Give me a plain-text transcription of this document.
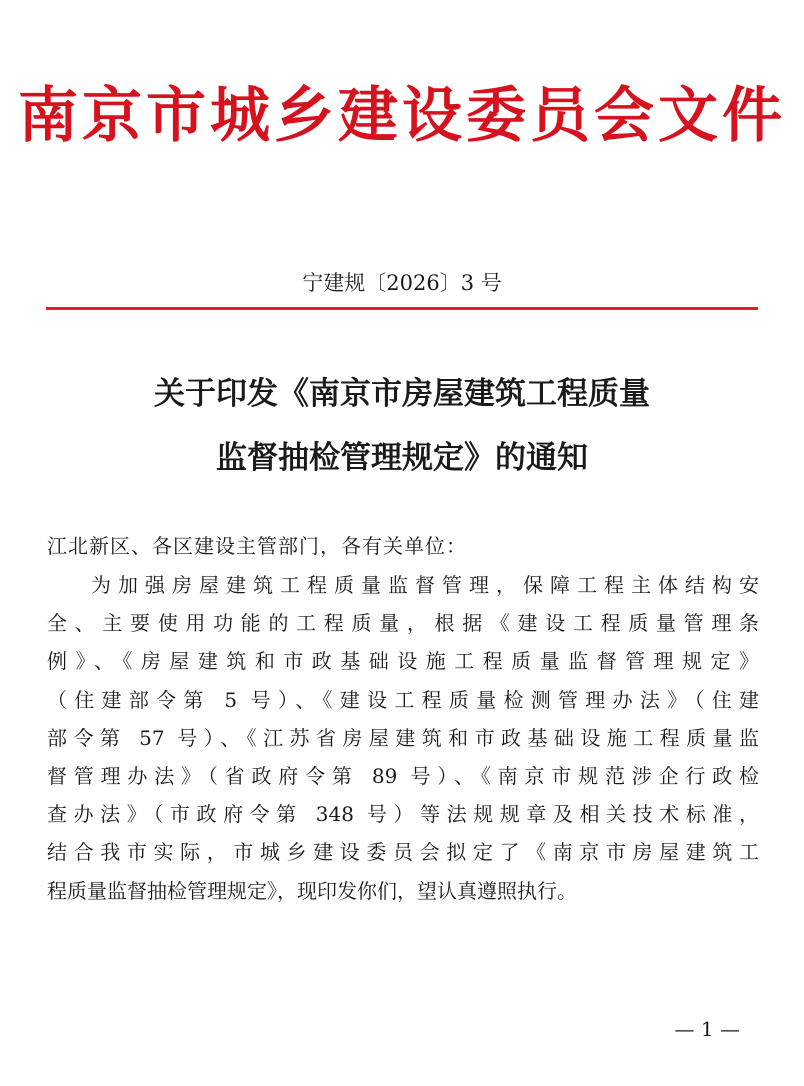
南京市城乡建设委员会文件
宁建规〔2026〕3 号
关于印发《南京市房屋建筑工程质量
监督抽检管理规定》的通知
江北新区、各区建设主管部门，各有关单位：
为加强房屋建筑工程质量监督管理，保障工程主体结构安
全、主要使用功能的工程质量，根据《建设工程质量管理条
例》、《房屋建筑和市政基础设施工程质量监督管理规定》
（住建部令第 5 号）、《建设工程质量检测管理办法》（住建
部令第 57 号）、《江苏省房屋建筑和市政基础设施工程质量监
督管理办法》（省政府令第 89 号）、《南京市规范涉企行政检
查办法》（市政府令第 348 号）等法规规章及相关技术标准，
结合我市实际，市城乡建设委员会拟定了《南京市房屋建筑工
程质量监督抽检管理规定》，现印发你们，望认真遵照执行。
— 1 —
